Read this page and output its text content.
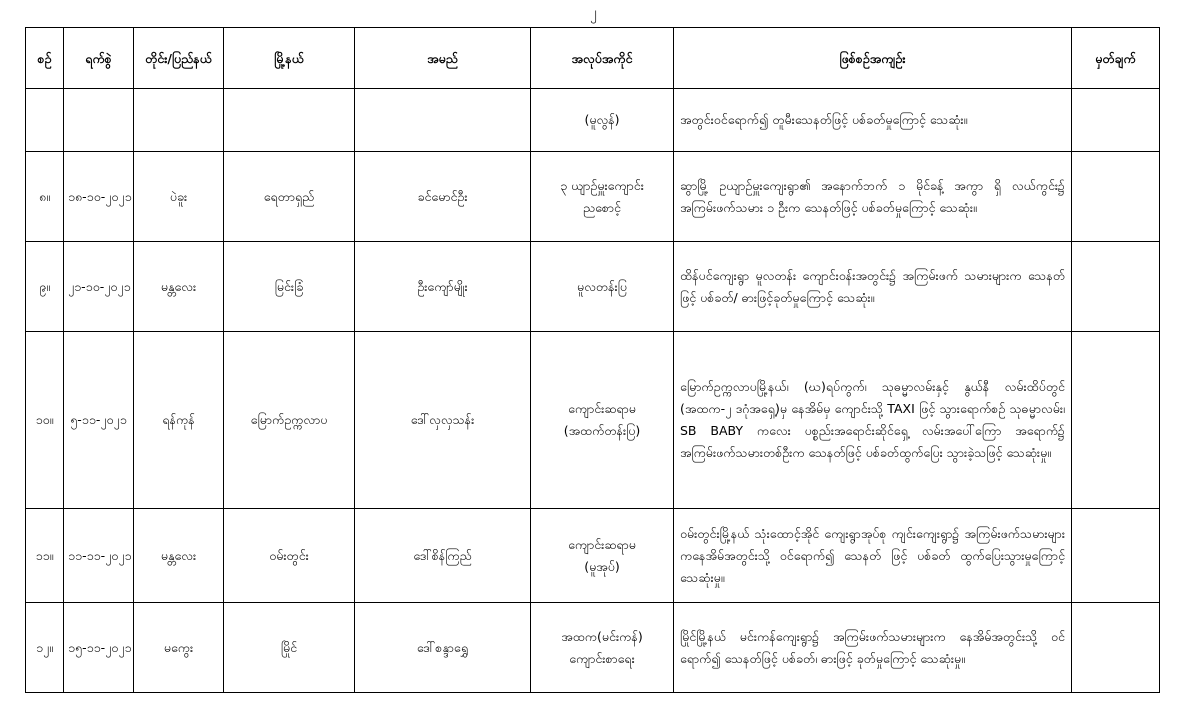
၂
စဉ်	ရက်စွဲ	တိုင်း/ပြည်နယ်	မြို့နယ်	အမည်	အလုပ်အကိုင်	ဖြစ်စဉ်အကျဉ်း	မှတ်ချက်

					(မူလွန်)	အတွင်းဝင်ရောက်၍ တူမီးသေနတ်ဖြင့် ပစ်ခတ်မှုကြောင့် သေဆုံး။	
၈။	၁၈-၁၀-၂၀၂၁	ပဲခူး	ရေတာရှည်	ခင်မောင်ဦး	၃ ယျာဉ်မှူးကျောင်း
ညစောင့်	ဆွာမြို့ ဥယျာဉ်မှူးကျေးရွာ၏ အနောက်ဘက် ၁ မိုင်ခန့် အကွာ ရှိ လယ်ကွင်း၌ အကြမ်းဖက်သမား ၁ ဦးက သေနတ်ဖြင့် ပစ်ခတ်မှုကြောင့် သေဆုံး။	
၉။	၂၁-၁၀-၂၀၂၁	မန္တလေး	မြင်းခြံ	ဦးကျော်မျိုး	မူလတန်းပြ	ထိန်ပင်ကျေးရွာ မူလတန်း ကျောင်းဝန်းအတွင်း၌ အကြမ်းဖက် သမားများက သေနတ်ဖြင့် ပစ်ခတ်/ ဓားဖြင့်ခုတ်မှုကြောင့် သေဆုံး။	
၁၀။	၅-၁၁-၂၀၂၁	ရန်ကုန်	မြောက်ဥက္ကလာပ	ဒေါ်လှလှသန်း	ကျောင်းဆရာမ
(အထက်တန်းပြ)	မြောက်ဥက္ကလာပမြို့နယ်၊ (ဃ)ရပ်ကွက်၊ သုဓမ္မာလမ်းနှင့် နွယ်နီ လမ်းထိပ်တွင် (အထက-၂ ဒဂုံအရှေ့)မှ နေအိမ်မှ ကျောင်းသို့ TAXI ဖြင့် သွားရောက်စဉ် သုဓမ္မာလမ်း၊ SB BABY ကလေး ပစ္စည်းအရောင်းဆိုင်ရှေ့ လမ်းအပေါ်ကြော အရောက်၌ အကြမ်းဖက်သမားတစ်ဦးက သေနတ်ဖြင့် ပစ်ခတ်ထွက်ပြေး သွားခဲ့သဖြင့် သေဆုံးမှု။	
၁၁။	၁၁-၁၁-၂၀၂၁	မန္တလေး	ဝမ်းတွင်း	ဒေါ်စိန်ကြည်	ကျောင်းဆရာမ
(မူအုပ်)	ဝမ်းတွင်းမြို့နယ် သုံးထောင့်အိုင် ကျေးရွာအုပ်စု ကျင်းကျေးရွာ၌ အကြမ်းဖက်သမားများကနေအိမ်အတွင်းသို့ ဝင်ရောက်၍ သေနတ် ဖြင့် ပစ်ခတ် ထွက်ပြေးသွားမှုကြောင့် သေဆုံးမှု။	
၁၂။	၁၅-၁၁-၂၀၂၁	မကွေး	မြိုင်	ဒေါ်စန္ဒာရွှေ	အထက(မင်းကန်)
ကျောင်းစာရေး	မြိုင်မြို့နယ် မင်းကန်ကျေးရွာ၌ အကြမ်းဖက်သမားများက နေအိမ်အတွင်းသို့ ဝင်ရောက်၍ သေနတ်ဖြင့် ပစ်ခတ်၊ ဓားဖြင့် ခုတ်မှုကြောင့် သေဆုံးမှု။	
